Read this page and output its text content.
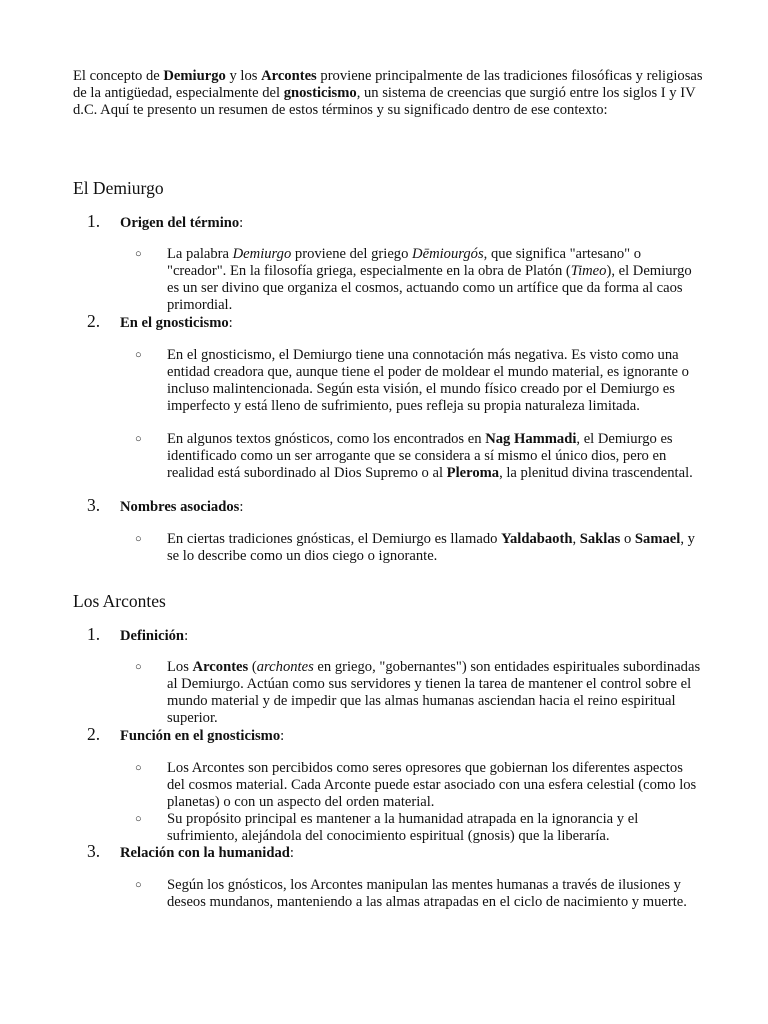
El concepto de Demiurgo y los Arcontes proviene principalmente de las tradiciones filosóficas y religiosas de la antigüedad, especialmente del gnosticismo, un sistema de creencias que surgió entre los siglos I y IV d.C. Aquí te presento un resumen de estos términos y su significado dentro de ese contexto:

El Demiurgo
1. Origen del término:
○ La palabra Demiurgo proviene del griego Dēmiourgós, que significa "artesano" o "creador". En la filosofía griega, especialmente en la obra de Platón (Timeo), el Demiurgo es un ser divino que organiza el cosmos, actuando como un artífice que da forma al caos primordial.

2. En el gnosticismo:
○ En el gnosticismo, el Demiurgo tiene una connotación más negativa. Es visto como una entidad creadora que, aunque tiene el poder de moldear el mundo material, es ignorante o incluso malintencionada. Según esta visión, el mundo físico creado por el Demiurgo es imperfecto y está lleno de sufrimiento, pues refleja su propia naturaleza limitada.

○ En algunos textos gnósticos, como los encontrados en Nag Hammadi, el Demiurgo es identificado como un ser arrogante que se considera a sí mismo el único dios, pero en realidad está subordinado al Dios Supremo o al Pleroma, la plenitud divina trascendental.

3. Nombres asociados:
○ En ciertas tradiciones gnósticas, el Demiurgo es llamado Yaldabaoth, Saklas o Samael, y se lo describe como un dios ciego o ignorante.

Los Arcontes
1. Definición:
○ Los Arcontes (archontes en griego, "gobernantes") son entidades espirituales subordinadas al Demiurgo. Actúan como sus servidores y tienen la tarea de mantener el control sobre el mundo material y de impedir que las almas humanas asciendan hacia el reino espiritual superior.

2. Función en el gnosticismo:
○ Los Arcontes son percibidos como seres opresores que gobiernan los diferentes aspectos del cosmos material. Cada Arconte puede estar asociado con una esfera celestial (como los planetas) o con un aspecto del orden material.

○ Su propósito principal es mantener a la humanidad atrapada en la ignorancia y el sufrimiento, alejándola del conocimiento espiritual (gnosis) que la liberaría.

3. Relación con la humanidad:
○ Según los gnósticos, los Arcontes manipulan las mentes humanas a través de ilusiones y deseos mundanos, manteniendo a las almas atrapadas en el ciclo de nacimiento y muerte.
